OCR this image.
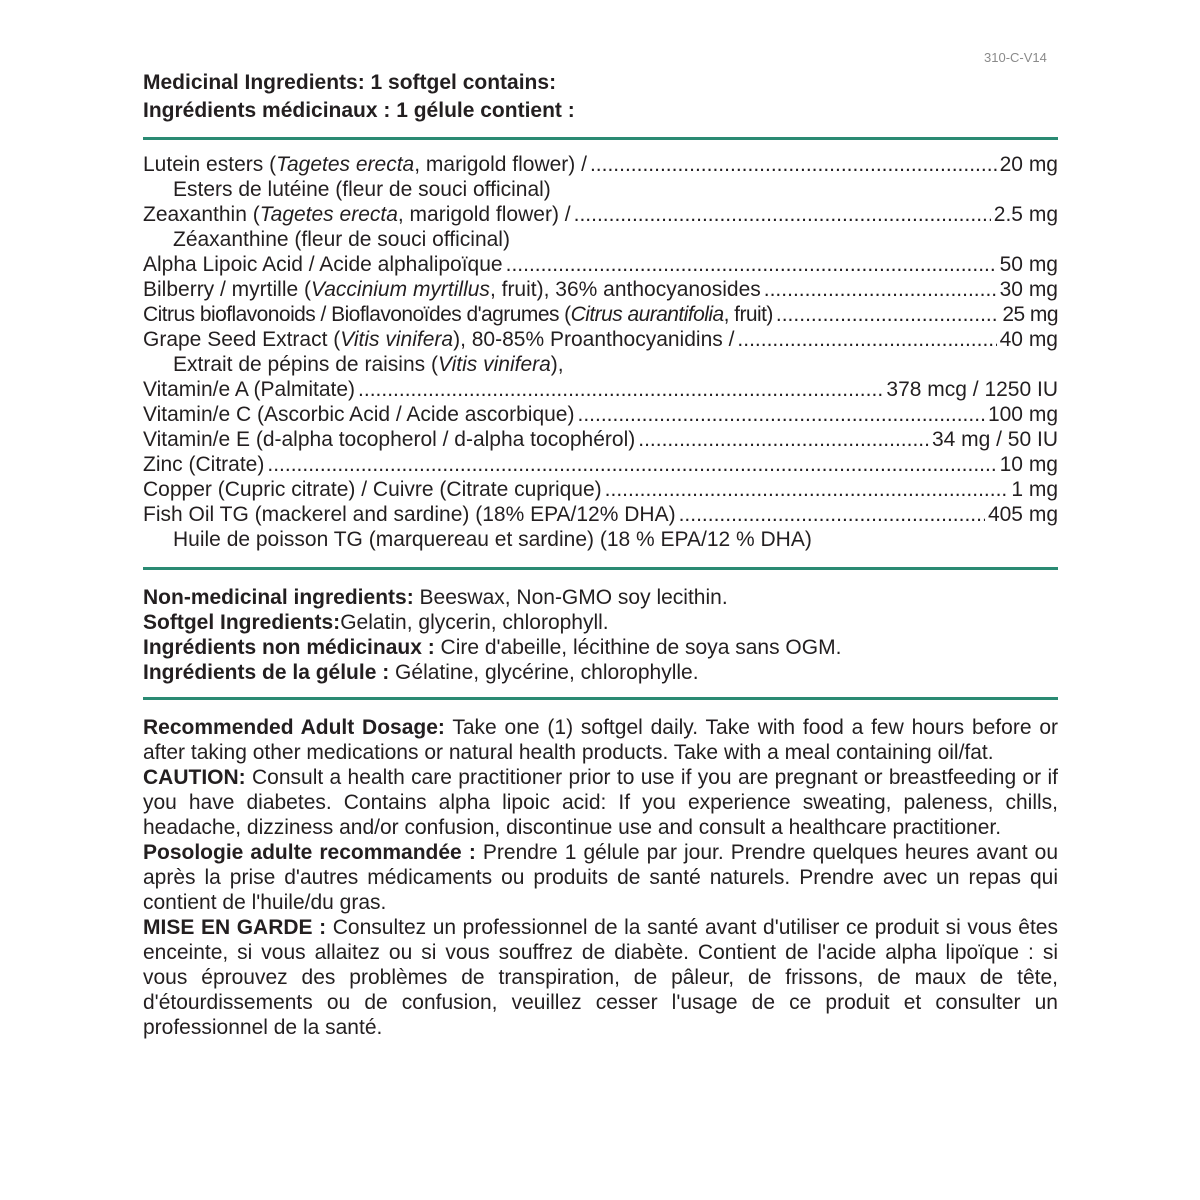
310-C-V14
Medicinal Ingredients: 1 softgel contains:
Ingrédients médicinaux : 1 gélule contient :
Lutein esters (Tagetes erecta, marigold flower) / .....	20 mg
Esters de lutéine (fleur de souci officinal)
Zeaxanthin (Tagetes erecta, marigold flower) / .....	2.5 mg
Zéaxanthine (fleur de souci officinal)
Alpha Lipoic Acid / Acide alphalipoïque .....	50 mg
Bilberry / myrtille (Vaccinium myrtillus, fruit), 36% anthocyanosides .....	30 mg
Citrus bioflavonoids / Bioflavonoïdes d'agrumes (Citrus aurantifolia, fruit) .....	25 mg
Grape Seed Extract (Vitis vinifera), 80-85% Proanthocyanidins / .....	40 mg
Extrait de pépins de raisins (Vitis vinifera),
Vitamin/e A (Palmitate) .....	378 mcg / 1250 IU
Vitamin/e C (Ascorbic Acid / Acide ascorbique) .....	100 mg
Vitamin/e E (d-alpha tocopherol / d-alpha tocophérol) .....	34 mg / 50 IU
Zinc (Citrate) .....	10 mg
Copper (Cupric citrate) / Cuivre (Citrate cuprique) .....	1 mg
Fish Oil TG (mackerel and sardine) (18% EPA/12% DHA) .....	405 mg
Huile de poisson TG (marquereau et sardine) (18 % EPA/12 % DHA)

Non-medicinal ingredients: Beeswax, Non-GMO soy lecithin.

Softgel Ingredients:Gelatin, glycerin, chlorophyll.

Ingrédients non médicinaux : Cire d'abeille, lécithine de soya sans OGM.

Ingrédients de la gélule : Gélatine, glycérine, chlorophylle.

Recommended Adult Dosage: Take one (1) softgel daily. Take with food a few hours before or after taking other medications or natural health products. Take with a meal containing oil/fat.

CAUTION: Consult a health care practitioner prior to use if you are pregnant or breastfeeding or if you have diabetes. Contains alpha lipoic acid: If you experience sweating, paleness, chills, headache, dizziness and/or confusion, discontinue use and consult a healthcare practitioner.

Posologie adulte recommandée : Prendre 1 gélule par jour. Prendre quelques heures avant ou après la prise d'autres médicaments ou produits de santé naturels. Prendre avec un repas qui contient de l'huile/du gras.

MISE EN GARDE : Consultez un professionnel de la santé avant d'utiliser ce produit si vous êtes enceinte, si vous allaitez ou si vous souffrez de diabète. Contient de l'acide alpha lipoïque : si vous éprouvez des problèmes de transpiration, de pâleur, de frissons, de maux de tête, d'étourdissements ou de confusion, veuillez cesser l'usage de ce produit et consulter un professionnel de la santé.
